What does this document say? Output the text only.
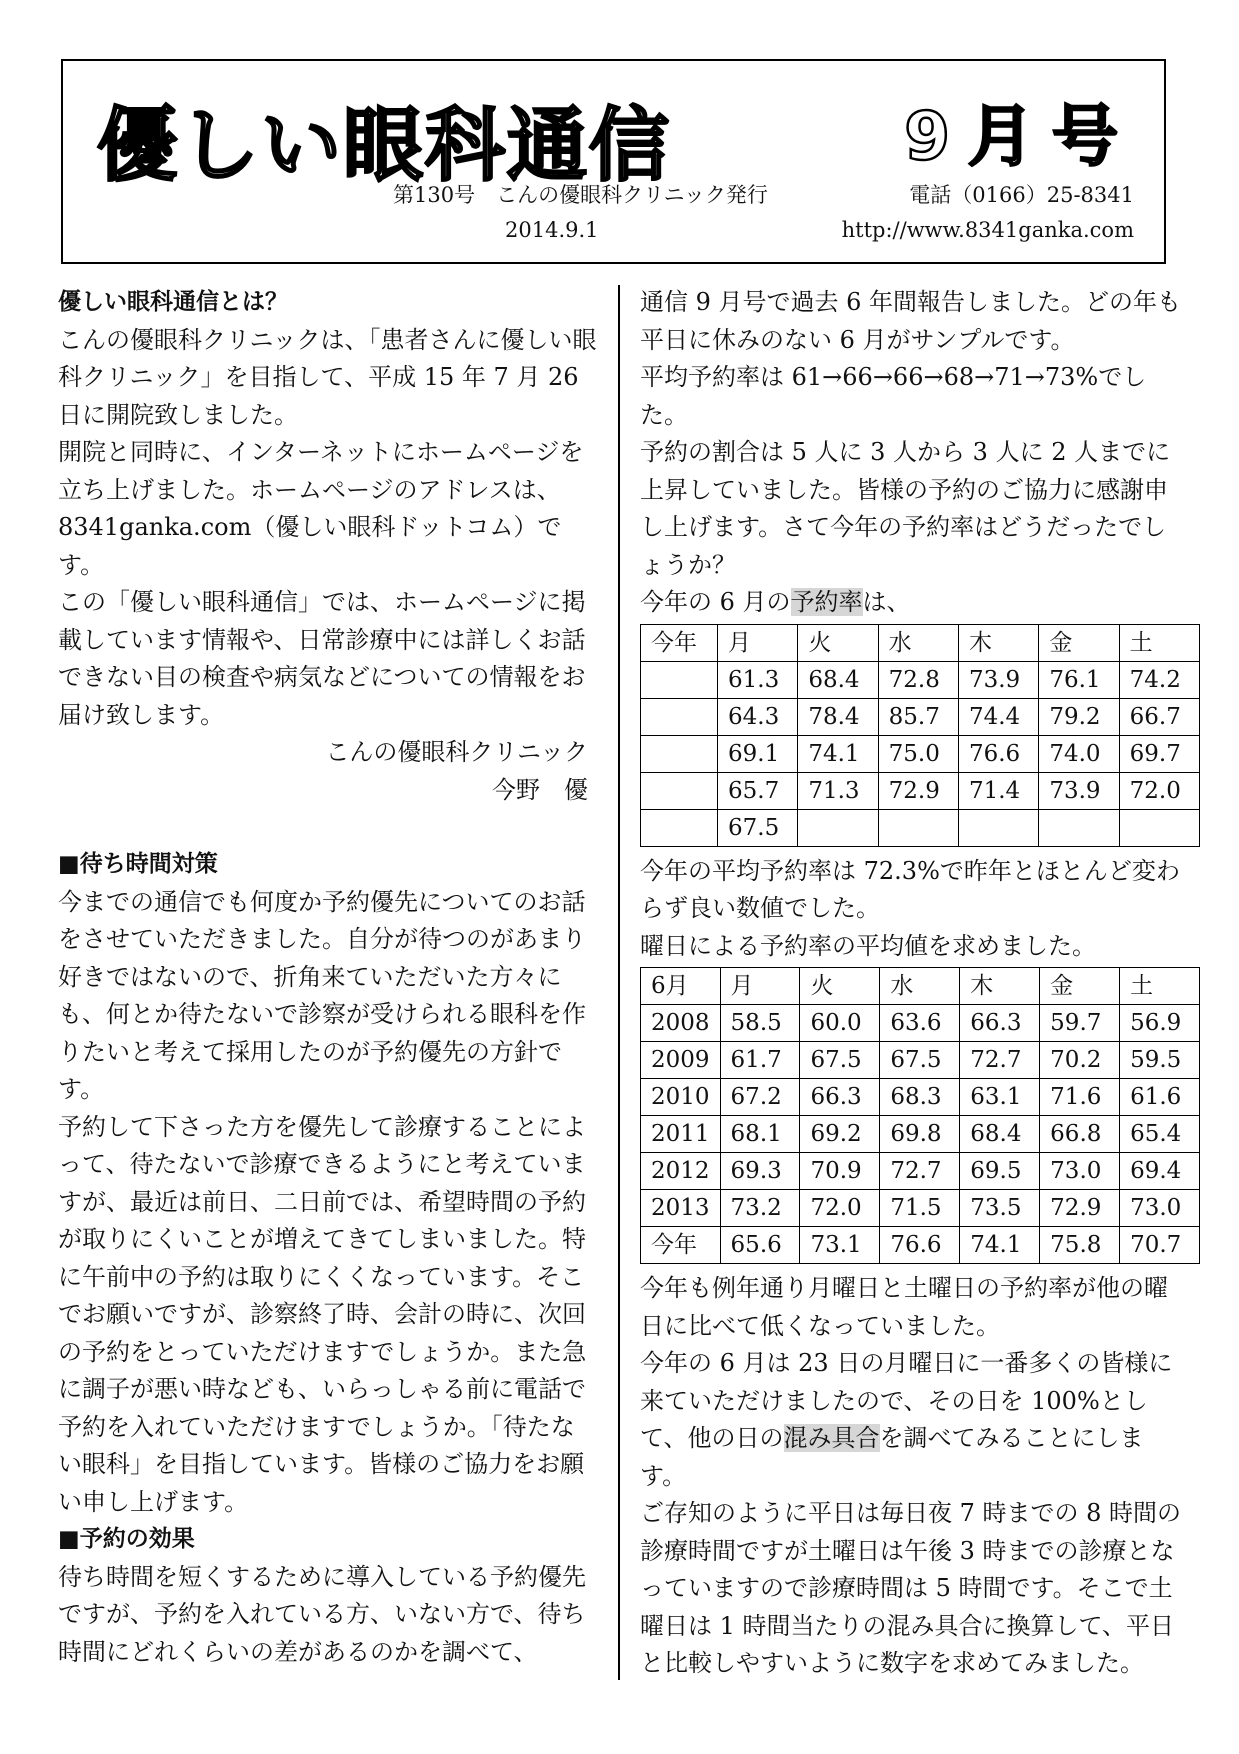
優しい眼科通信	9月号
第130号　こんの優眼科クリニック発行	電話（0166）25-8341
2014.9.1	http://www.8341ganka.com

優しい眼科通信とは？

こんの優眼科クリニックは、「患者さんに優しい眼科クリニック」を目指して、平成 15 年 7 月 26 日に開院致しました。

開院と同時に、インターネットにホームページを立ち上げました。ホームページのアドレスは、8341ganka.com（優しい眼科ドットコム）です。

この「優しい眼科通信」では、ホームページに掲載しています情報や、日常診療中には詳しくお話できない目の検査や病気などについての情報をお届け致します。

こんの優眼科クリニック

今野　優

■待ち時間対策

今までの通信でも何度か予約優先についてのお話をさせていただきました。自分が待つのがあまり好きではないので、折角来ていただいた方々にも、何とか待たないで診察が受けられる眼科を作りたいと考えて採用したのが予約優先の方針です。

予約して下さった方を優先して診療することによって、待たないで診療できるようにと考えていますが、最近は前日、二日前では、希望時間の予約が取りにくいことが増えてきてしまいました。特に午前中の予約は取りにくくなっています。そこでお願いですが、診察終了時、会計の時に、次回の予約をとっていただけますでしょうか。また急に調子が悪い時なども、いらっしゃる前に電話で予約を入れていただけますでしょうか。「待たない眼科」を目指しています。皆様のご協力をお願い申し上げます。

■予約の効果

待ち時間を短くするために導入している予約優先ですが、予約を入れている方、いない方で、待ち時間にどれくらいの差があるのかを調べて、

通信 9 月号で過去 6 年間報告しました。どの年も平日に休みのない 6 月がサンプルです。

平均予約率は 61→66→66→68→71→73%でした。

予約の割合は 5 人に 3 人から 3 人に 2 人までに上昇していました。皆様の予約のご協力に感謝申し上げます。さて今年の予約率はどうだったでしょうか？

今年の 6 月の予約率は、

今年	月	火	水	木	金	土
	61.3	68.4	72.8	73.9	76.1	74.2
	64.3	78.4	85.7	74.4	79.2	66.7
	69.1	74.1	75.0	76.6	74.0	69.7
	65.7	71.3	72.9	71.4	73.9	72.0
	67.5					

今年の平均予約率は 72.3%で昨年とほとんど変わらず良い数値でした。

曜日による予約率の平均値を求めました。

6月	月	火	水	木	金	土
2008	58.5	60.0	63.6	66.3	59.7	56.9
2009	61.7	67.5	67.5	72.7	70.2	59.5
2010	67.2	66.3	68.3	63.1	71.6	61.6
2011	68.1	69.2	69.8	68.4	66.8	65.4
2012	69.3	70.9	72.7	69.5	73.0	69.4
2013	73.2	72.0	71.5	73.5	72.9	73.0
今年	65.6	73.1	76.6	74.1	75.8	70.7

今年も例年通り月曜日と土曜日の予約率が他の曜日に比べて低くなっていました。

今年の 6 月は 23 日の月曜日に一番多くの皆様に来ていただけましたので、その日を 100%として、他の日の混み具合を調べてみることにします。

ご存知のように平日は毎日夜 7 時までの 8 時間の診療時間ですが土曜日は午後 3 時までの診療となっていますので診療時間は 5 時間です。そこで土曜日は 1 時間当たりの混み具合に換算して、平日と比較しやすいように数字を求めてみました。
